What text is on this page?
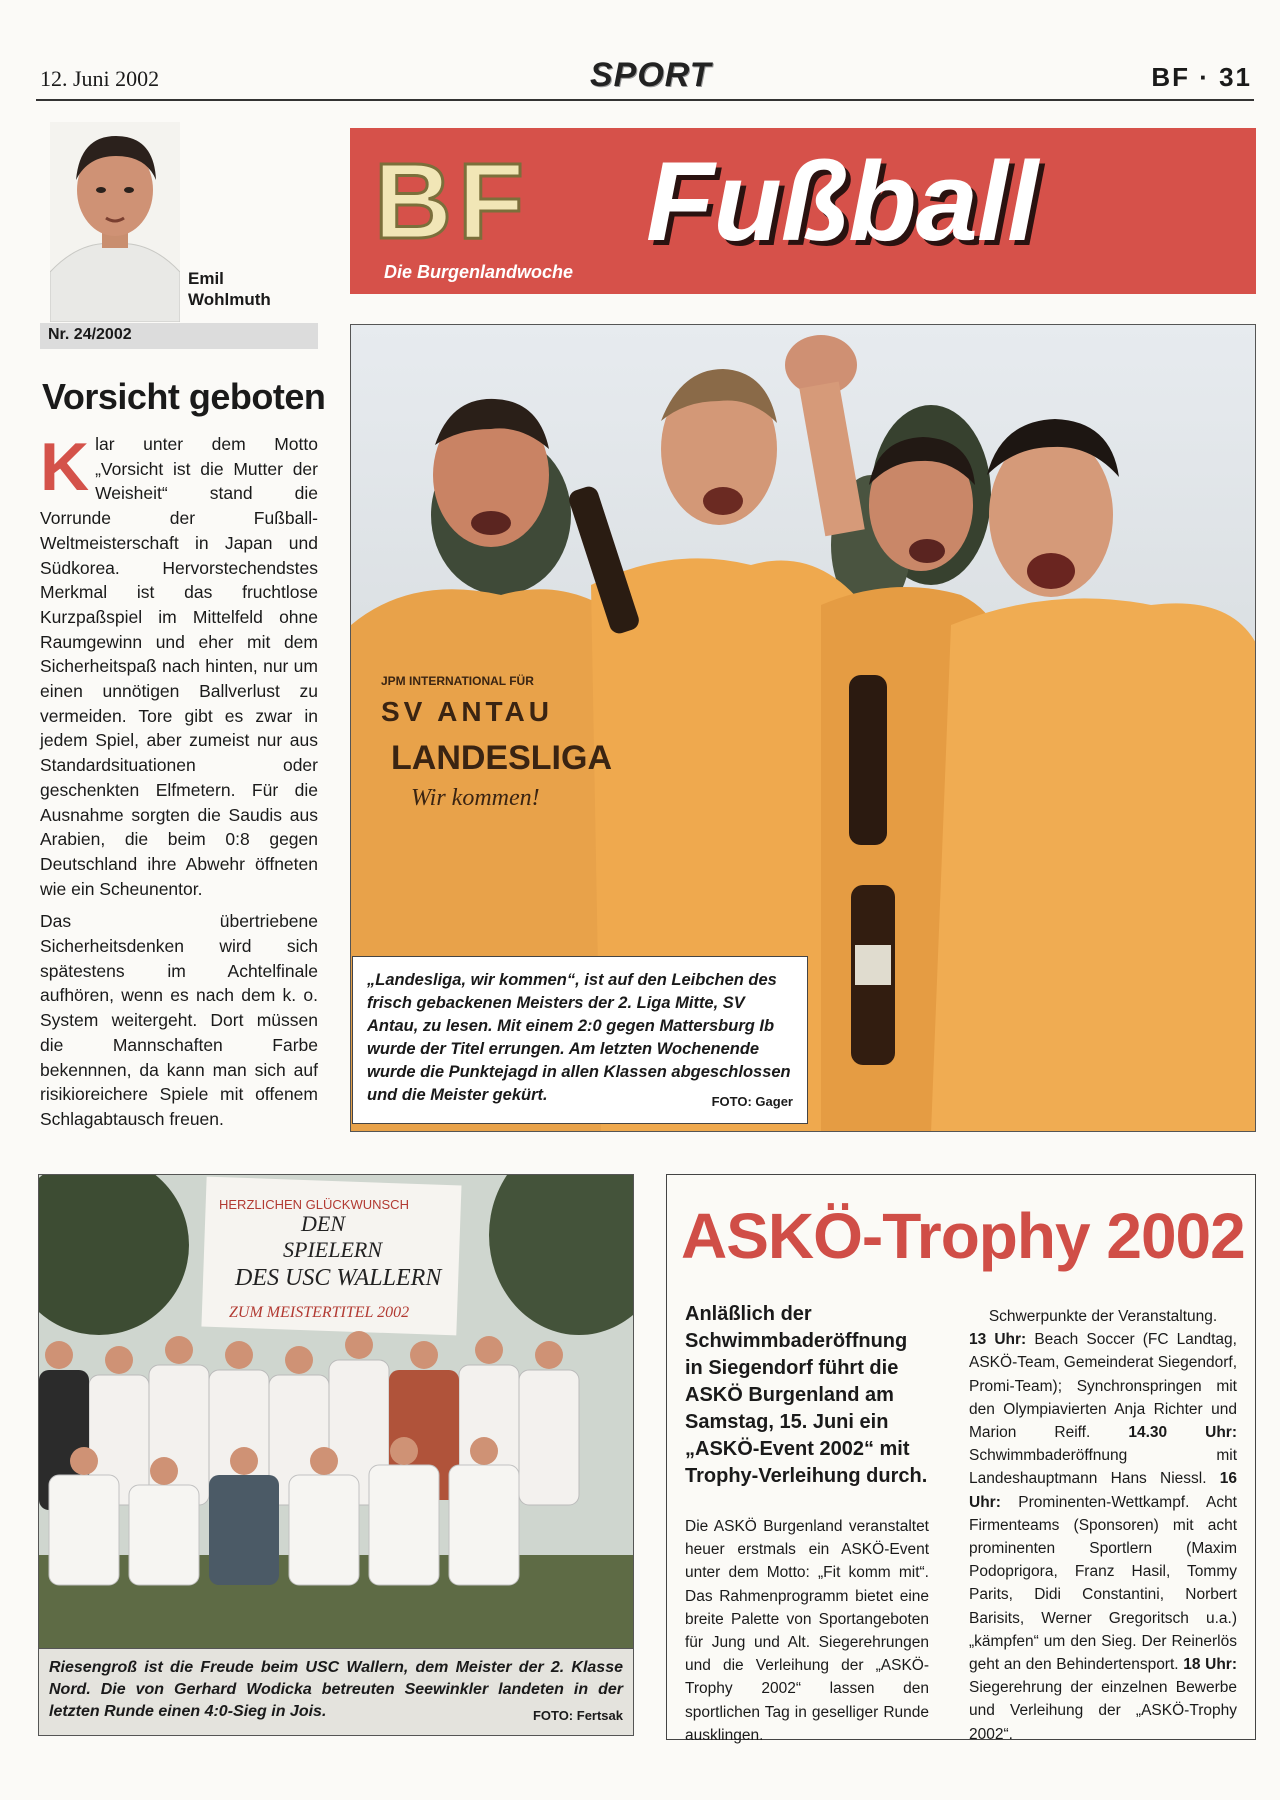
12. Juni 2002	SPORT	BF · 31
Emil
Wohlmuth
Nr. 24/2002
BF Fußball
Die Burgenlandwoche
Vorsicht geboten

Klar unter dem Motto „Vorsicht ist die Mutter der Weisheit“ stand die Vorrunde der Fußball-Weltmeisterschaft in Japan und Südkorea. Hervorstechendstes Merkmal ist das fruchtlose Kurzpaßspiel im Mittelfeld ohne Raumgewinn und eher mit dem Sicherheitspaß nach hinten, nur um einen unnötigen Ballverlust zu vermeiden. Tore gibt es zwar in jedem Spiel, aber zumeist nur aus Standardsituationen oder geschenkten Elfmetern. Für die Ausnahme sorgten die Saudis aus Arabien, die beim 0:8 gegen Deutschland ihre Abwehr öffneten wie ein Scheunentor.

Das übertriebene Sicherheitsdenken wird sich spätestens im Achtelfinale aufhören, wenn es nach dem k. o. System weitergeht. Dort müssen die Mannschaften Farbe bekennnen, da kann man sich auf risikioreichere Spiele mit offenem Schlagabtausch freuen.

JPM INTERNATIONAL FÜR
SV ANTAU
LANDESLIGA
Wir kommen!
„Landesliga, wir kommen“, ist auf den Leibchen des frisch gebackenen Meisters der 2. Liga Mitte, SV Antau, zu lesen. Mit einem 2:0 gegen Mattersburg Ib wurde der Titel errungen. Am letzten Wochenende wurde die Punktejagd in allen Klassen abgeschlossen und die Meister gekürt.	FOTO: Gager
HERZLICHEN GLÜCKWUNSCH
DEN
SPIELERN
DES USC WALLERN
ZUM MEISTERTITEL 2002
Riesengroß ist die Freude beim USC Wallern, dem Meister der 2. Klasse Nord. Die von Gerhard Wodicka betreuten Seewinkler landeten in der letzten Runde einen 4:0-Sieg in Jois.	FOTO: Fertsak
ASKÖ-Trophy 2002
Anläßlich der Schwimmbaderöffnung in Siegendorf führt die ASKÖ Burgenland am Samstag, 15. Juni ein „ASKÖ-Event 2002“ mit Trophy-Verleihung durch.
Die ASKÖ Burgenland veranstaltet heuer erstmals ein ASKÖ-Event unter dem Motto: „Fit komm mit“. Das Rahmenprogramm bietet eine breite Palette von Sportangeboten für Jung und Alt. Siegerehrungen und die Verleihung der „ASKÖ-Trophy 2002“ lassen den sportlichen Tag in geselliger Runde ausklingen.
Schwerpunkte der Veranstaltung.
13 Uhr: Beach Soccer (FC Landtag, ASKÖ-Team, Gemeinderat Siegendorf, Promi-Team); Synchronspringen mit den Olympiavierten Anja Richter und Marion Reiff. 14.30 Uhr: Schwimmbaderöffnung mit Landeshauptmann Hans Niessl. 16 Uhr: Prominenten-Wettkampf. Acht Firmenteams (Sponsoren) mit acht prominenten Sportlern (Maxim Podoprigora, Franz Hasil, Tommy Parits, Didi Constantini, Norbert Barisits, Werner Gregoritsch u.a.) „kämpfen“ um den Sieg. Der Reinerlös geht an den Behindertensport. 18 Uhr: Siegerehrung der einzelnen Bewerbe und Verleihung der „ASKÖ-Trophy 2002“.
